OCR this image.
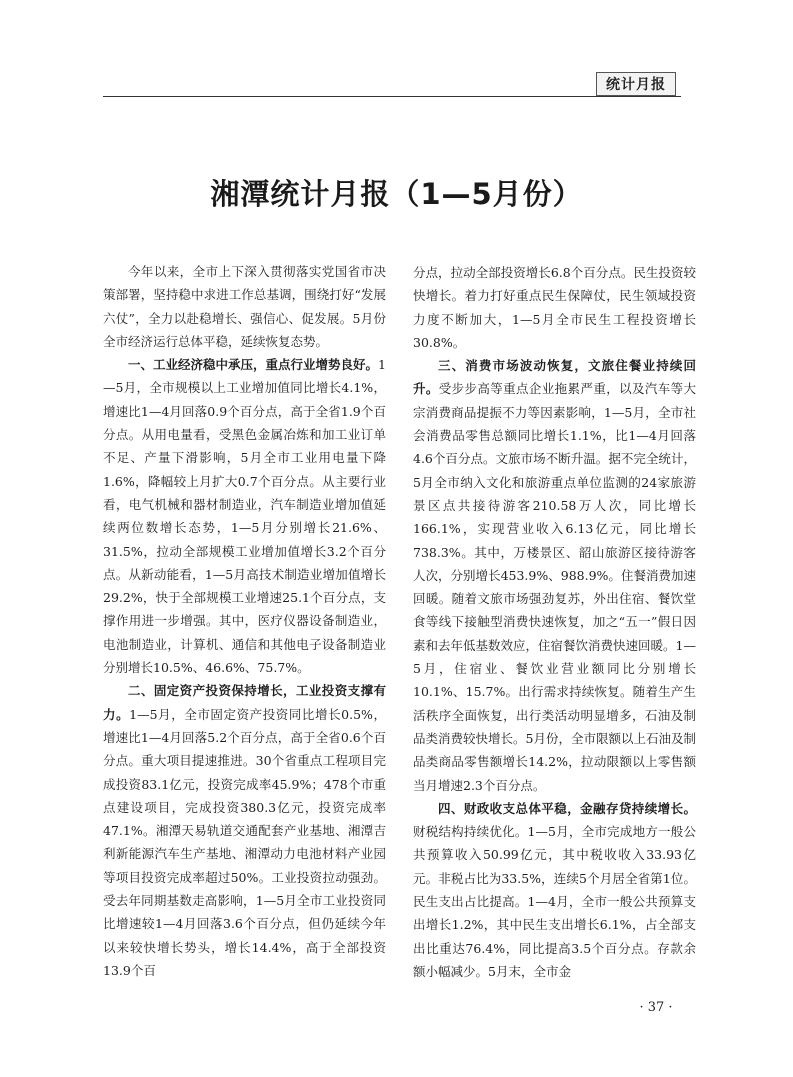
统计月报
湘潭统计月报（1—5月份）

今年以来，全市上下深入贯彻落实党国省市决策部署，坚持稳中求进工作总基调，围绕打好“发展六仗”，全力以赴稳增长、强信心、促发展。5月份全市经济运行总体平稳，延续恢复态势。

一、工业经济稳中承压，重点行业增势良好。1—5月，全市规模以上工业增加值同比增长4.1%，增速比1—4月回落0.9个百分点，高于全省1.9个百分点。从用电量看，受黑色金属冶炼和加工业订单不足、产量下滑影响，5月全市工业用电量下降1.6%，降幅较上月扩大0.7个百分点。从主要行业看，电气机械和器材制造业，汽车制造业增加值延续两位数增长态势，1—5月分别增长21.6%、31.5%，拉动全部规模工业增加值增长3.2个百分点。从新动能看，1—5月高技术制造业增加值增长29.2%，快于全部规模工业增速25.1个百分点，支撑作用进一步增强。其中，医疗仪器设备制造业，电池制造业，计算机、通信和其他电子设备制造业分别增长10.5%、46.6%、75.7%。

二、固定资产投资保持增长，工业投资支撑有力。1—5月，全市固定资产投资同比增长0.5%，增速比1—4月回落5.2个百分点，高于全省0.6个百分点。重大项目提速推进。30个省重点工程项目完成投资83.1亿元，投资完成率45.9%；478个市重点建设项目，完成投资380.3亿元，投资完成率47.1%。湘潭天易轨道交通配套产业基地、湘潭吉利新能源汽车生产基地、湘潭动力电池材料产业园等项目投资完成率超过50%。工业投资拉动强劲。受去年同期基数走高影响，1—5月全市工业投资同比增速较1—4月回落3.6个百分点，但仍延续今年以来较快增长势头，增长14.4%，高于全部投资13.9个百

分点，拉动全部投资增长6.8个百分点。民生投资较快增长。着力打好重点民生保障仗，民生领域投资力度不断加大，1—5月全市民生工程投资增长30.8%。

三、消费市场波动恢复，文旅住餐业持续回升。受步步高等重点企业拖累严重，以及汽车等大宗消费商品提振不力等因素影响，1—5月，全市社会消费品零售总额同比增长1.1%，比1—4月回落4.6个百分点。文旅市场不断升温。据不完全统计，5月全市纳入文化和旅游重点单位监测的24家旅游景区点共接待游客210.58万人次，同比增长166.1%，实现营业收入6.13亿元，同比增长738.3%。其中，万楼景区、韶山旅游区接待游客人次，分别增长453.9%、988.9%。住餐消费加速回暖。随着文旅市场强劲复苏，外出住宿、餐饮堂食等线下接触型消费快速恢复，加之“五一”假日因素和去年低基数效应，住宿餐饮消费快速回暖。1—5月，住宿业、餐饮业营业额同比分别增长10.1%、15.7%。出行需求持续恢复。随着生产生活秩序全面恢复，出行类活动明显增多，石油及制品类消费较快增长。5月份，全市限额以上石油及制品类商品零售额增长14.2%，拉动限额以上零售额当月增速2.3个百分点。

四、财政收支总体平稳，金融存贷持续增长。财税结构持续优化。1—5月，全市完成地方一般公共预算收入50.99亿元，其中税收收入33.93亿元。非税占比为33.5%，连续5个月居全省第1位。民生支出占比提高。1—4月，全市一般公共预算支出增长1.2%，其中民生支出增长6.1%，占全部支出比重达76.4%，同比提高3.5个百分点。存款余额小幅减少。5月末，全市金

· 37 ·
